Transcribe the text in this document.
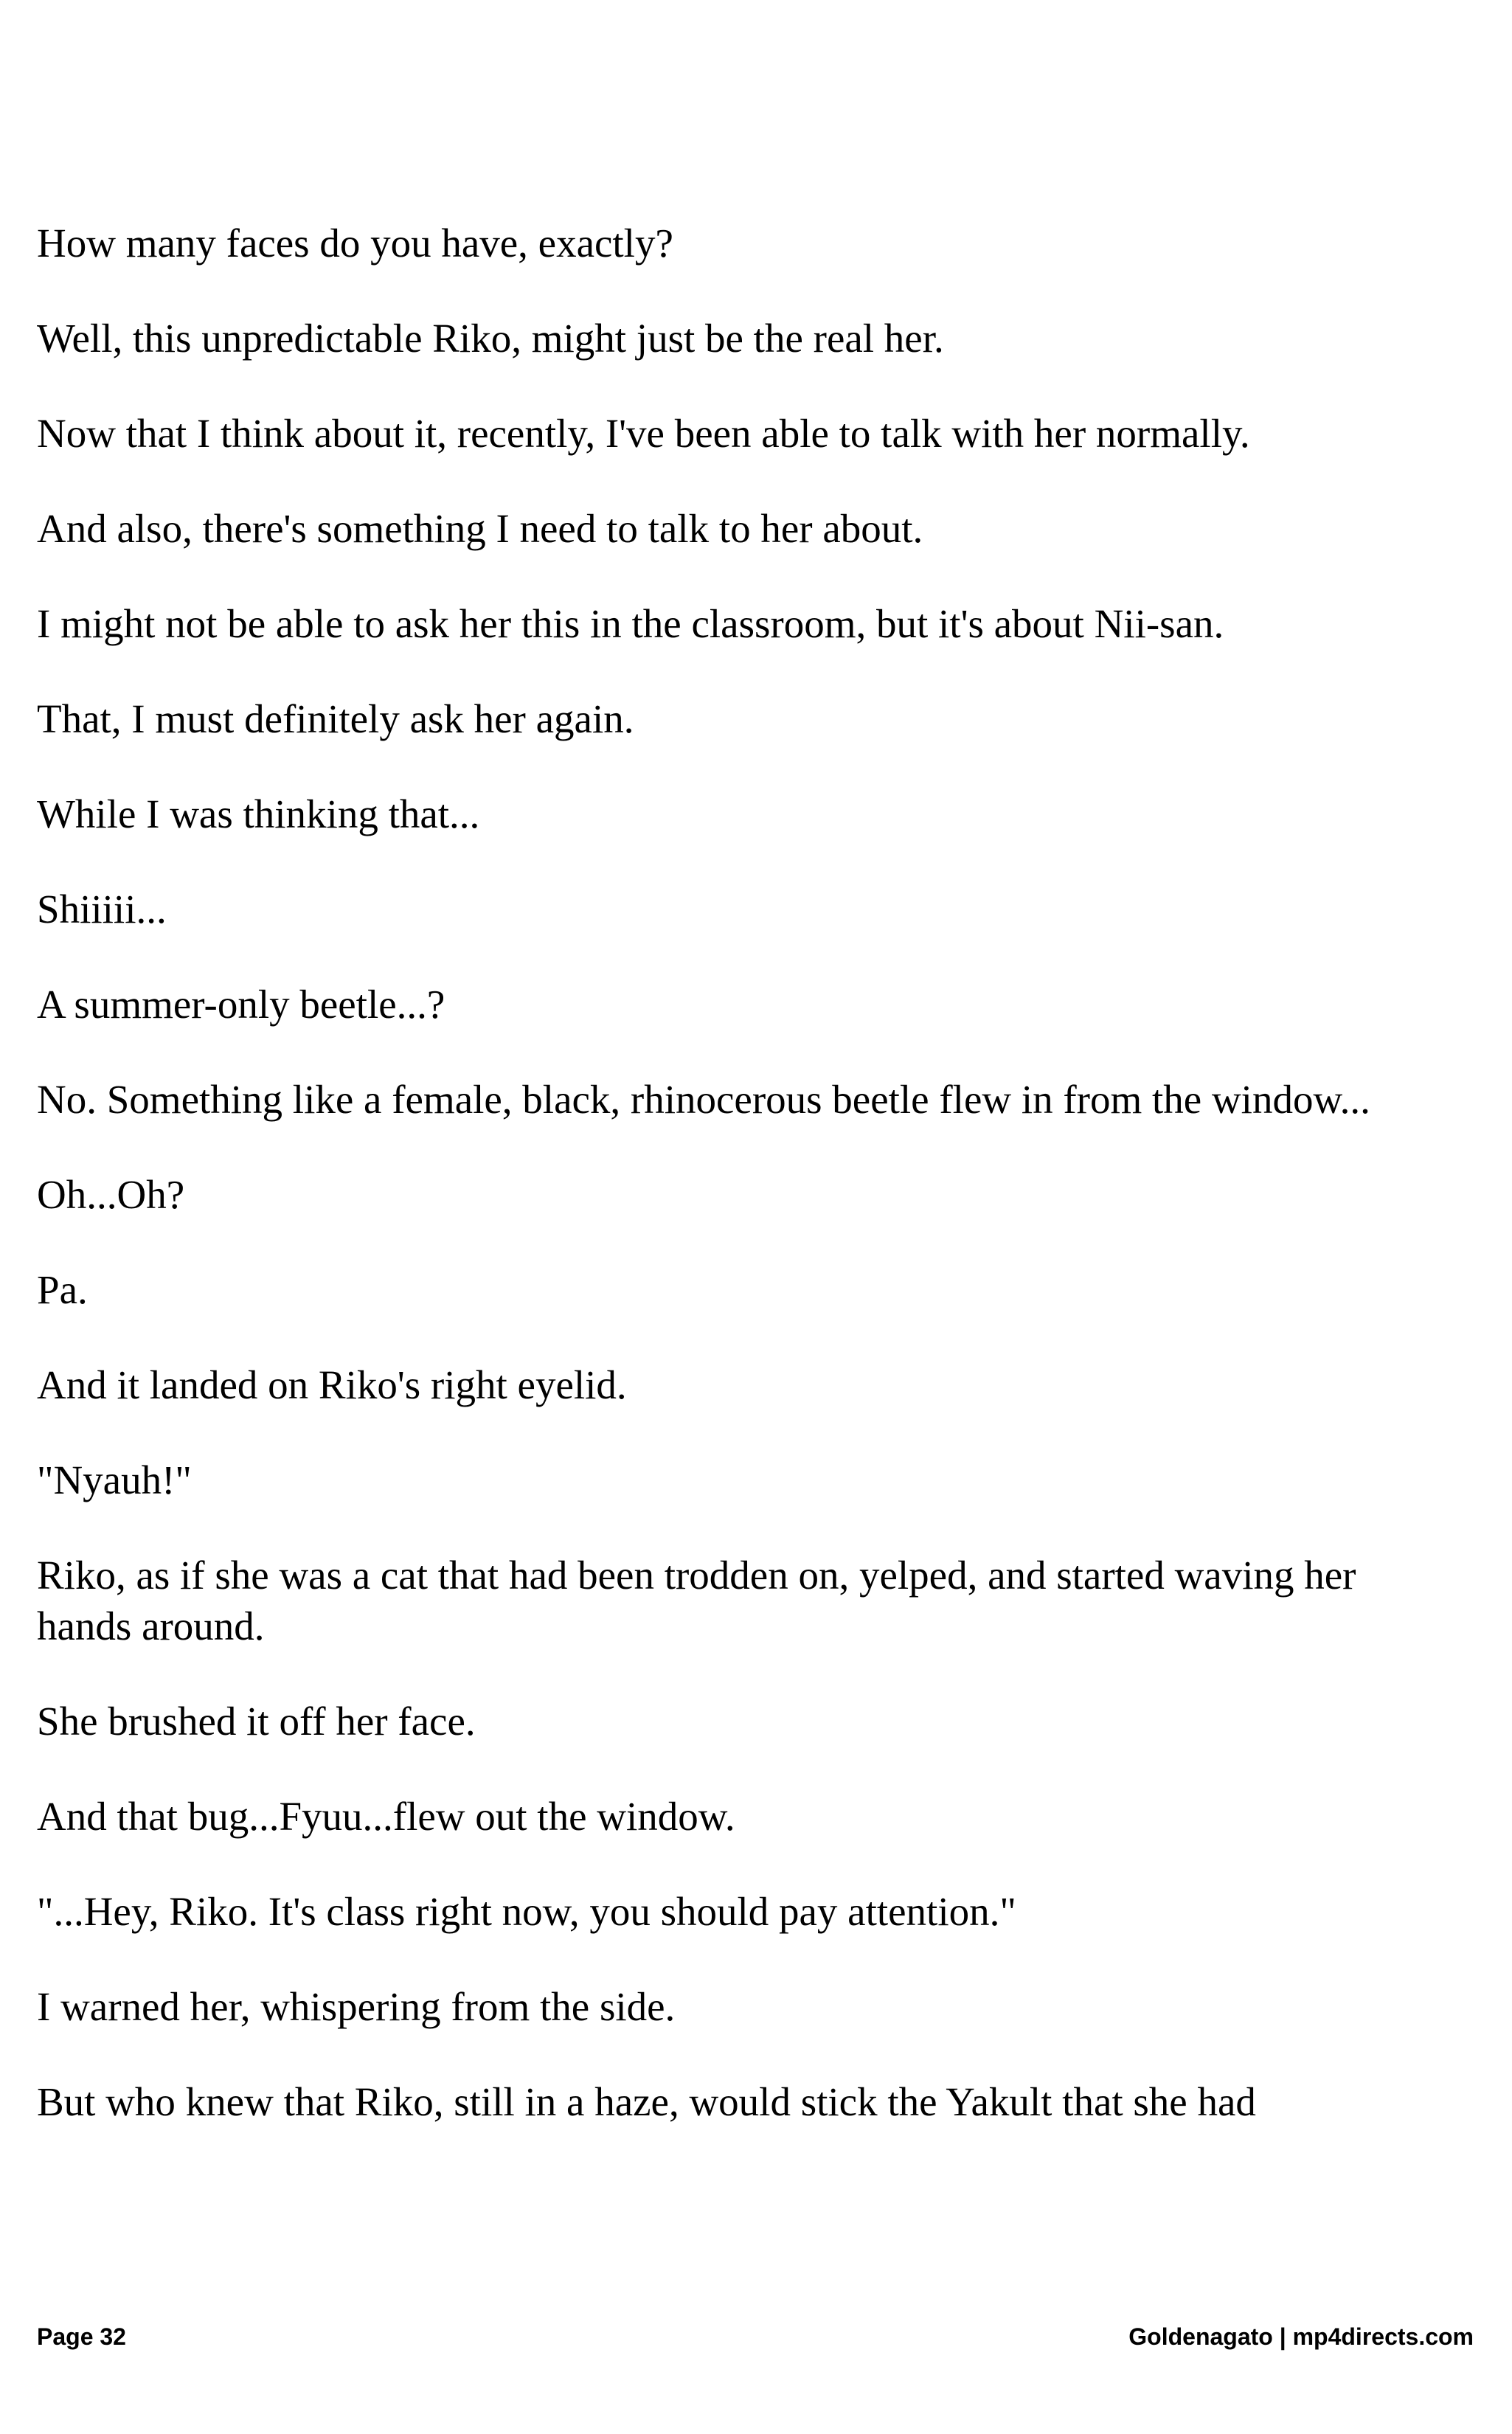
How many faces do you have, exactly?

Well, this unpredictable Riko, might just be the real her.

Now that I think about it, recently, I've been able to talk with her normally.

And also, there's something I need to talk to her about.

I might not be able to ask her this in the classroom, but it's about Nii-san.

That, I must definitely ask her again.

While I was thinking that...

Shiiiii...

A summer-only beetle...?

No. Something like a female, black, rhinocerous beetle flew in from the window...

Oh...Oh?

Pa.

And it landed on Riko's right eyelid.

"Nyauh!"

Riko, as if she was a cat that had been trodden on, yelped, and started waving her hands around.

She brushed it off her face.

And that bug...Fyuu...flew out the window.

"...Hey, Riko. It's class right now, you should pay attention."

I warned her, whispering from the side.

But who knew that Riko, still in a haze, would stick the Yakult that she had

Page 32	Goldenagato | mp4directs.com
